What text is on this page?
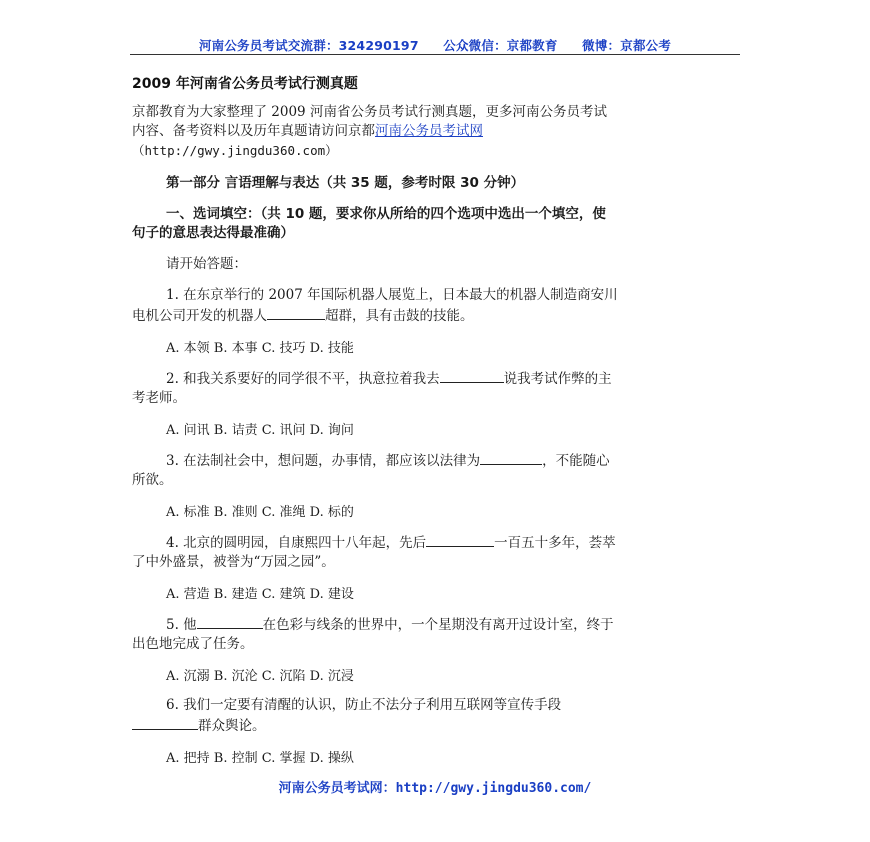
河南公务员考试交流群：324290197 公众微信：京都教育 微博：京都公考
2009 年河南省公务员考试行测真题
京都教育为大家整理了 2009 河南省公务员考试行测真题，更多河南公务员考试
内容、备考资料以及历年真题请访问京都河南公务员考试网
（http://gwy.jingdu360.com）
第一部分 言语理解与表达（共 35 题，参考时限 30 分钟）
一、选词填空：（共 10 题，要求你从所给的四个选项中选出一个填空，使
句子的意思表达得最准确）
请开始答题：
1. 在东京举行的 2007 年国际机器人展览上，日本最大的机器人制造商安川
电机公司开发的机器人	超群，具有击鼓的技能。
A. 本领 B. 本事 C. 技巧 D. 技能
2. 和我关系要好的同学很不平，执意拉着我去	说我考试作弊的主
考老师。
A. 问讯 B. 诘责 C. 讯问 D. 询问
3. 在法制社会中，想问题，办事情，都应该以法律为	，不能随心
所欲。
A. 标准 B. 准则 C. 准绳 D. 标的
4. 北京的圆明园，自康熙四十八年起，先后	一百五十多年，荟萃
了中外盛景，被誉为“万园之园”。
A. 营造 B. 建造 C. 建筑 D. 建设
5. 他	在色彩与线条的世界中，一个星期没有离开过设计室，终于
出色地完成了任务。
A. 沉溺 B. 沉沦 C. 沉陷 D. 沉浸
6. 我们一定要有清醒的认识，防止不法分子利用互联网等宣传手段
群众舆论。
A. 把持 B. 控制 C. 掌握 D. 操纵
河南公务员考试网：http://gwy.jingdu360.com/
